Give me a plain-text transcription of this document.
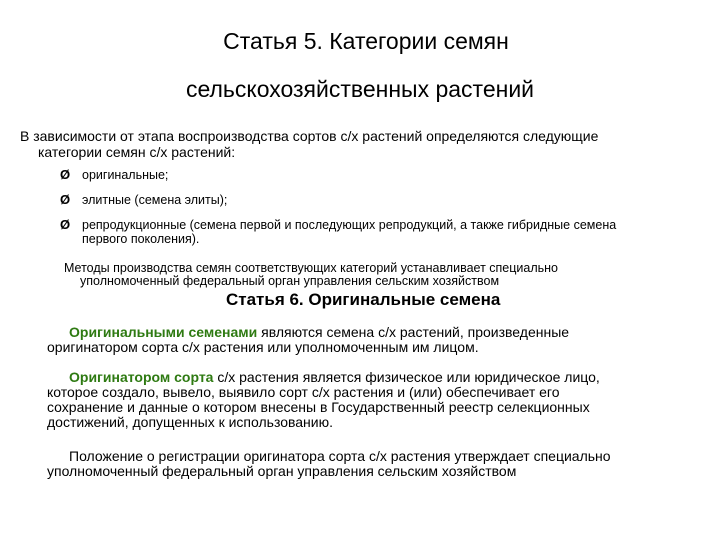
Статья 5. Категории семян
сельскохозяйственных растений

В зависимости от этапа воспроизводства сортов с/х растений определяются следующие
категории семян с/х растений:

Ø оригинальные;
Ø элитные (семена элиты);
Ø репродукционные (семена первой и последующих репродукций, а также гибридные семена
первого поколения).

Методы производства семян соответствующих категорий устанавливает специально
уполномоченный федеральный орган управления сельским хозяйством

Статья 6. Оригинальные семена

Оригинальными семенами являются семена с/х растений, произведенные
оригинатором сорта с/х растения или уполномоченным им лицом.

Оригинатором сорта с/х растения является физическое или юридическое лицо,
которое создало, вывело, выявило сорт с/х растения и (или) обеспечивает его
сохранение и данные о котором внесены в Государственный реестр селекционных
достижений, допущенных к использованию.

Положение о регистрации оригинатора сорта с/х растения утверждает специально
уполномоченный федеральный орган управления сельским хозяйством
